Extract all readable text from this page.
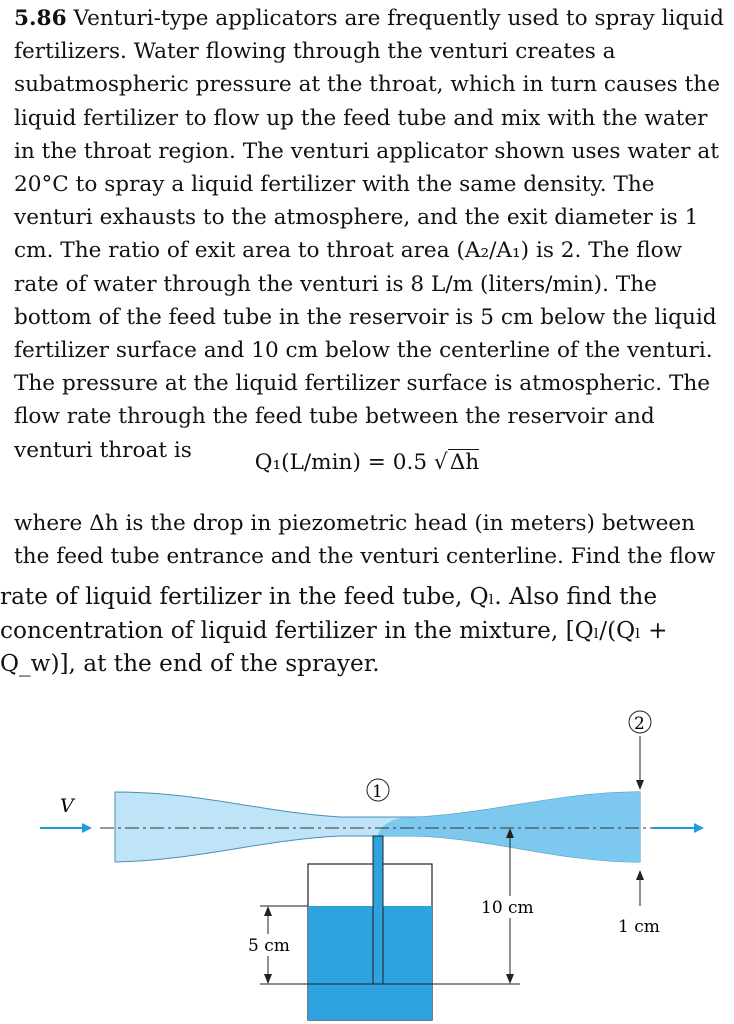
5.86 Venturi-type applicators are frequently used to spray liquid fertilizers. Water flowing through the venturi creates a subatmospheric pressure at the throat, which in turn causes the liquid fertilizer to flow up the feed tube and mix with the water in the throat region. The venturi applicator shown uses water at 20°C to spray a liquid fertilizer with the same density. The venturi exhausts to the atmosphere, and the exit diameter is 1 cm. The ratio of exit area to throat area (A₂/A₁) is 2. The flow rate of water through the venturi is 8 L/m (liters/min). The bottom of the feed tube in the reservoir is 5 cm below the liquid fertilizer surface and 10 cm below the centerline of the venturi. The pressure at the liquid fertilizer surface is atmospheric. The flow rate through the feed tube between the reservoir and venturi throat is	Q₁(L/min) = 0.5 √Δh

where Δh is the drop in piezometric head (in meters) between the feed tube entrance and the venturi centerline. Find the flow

rate of liquid fertilizer in the feed tube, Qₗ. Also find the concentration of liquid fertilizer in the mixture, [Qₗ/(Qₗ + Q_w)], at the end of the sprayer.

V
1
2
1 cm
10 cm
5 cm
